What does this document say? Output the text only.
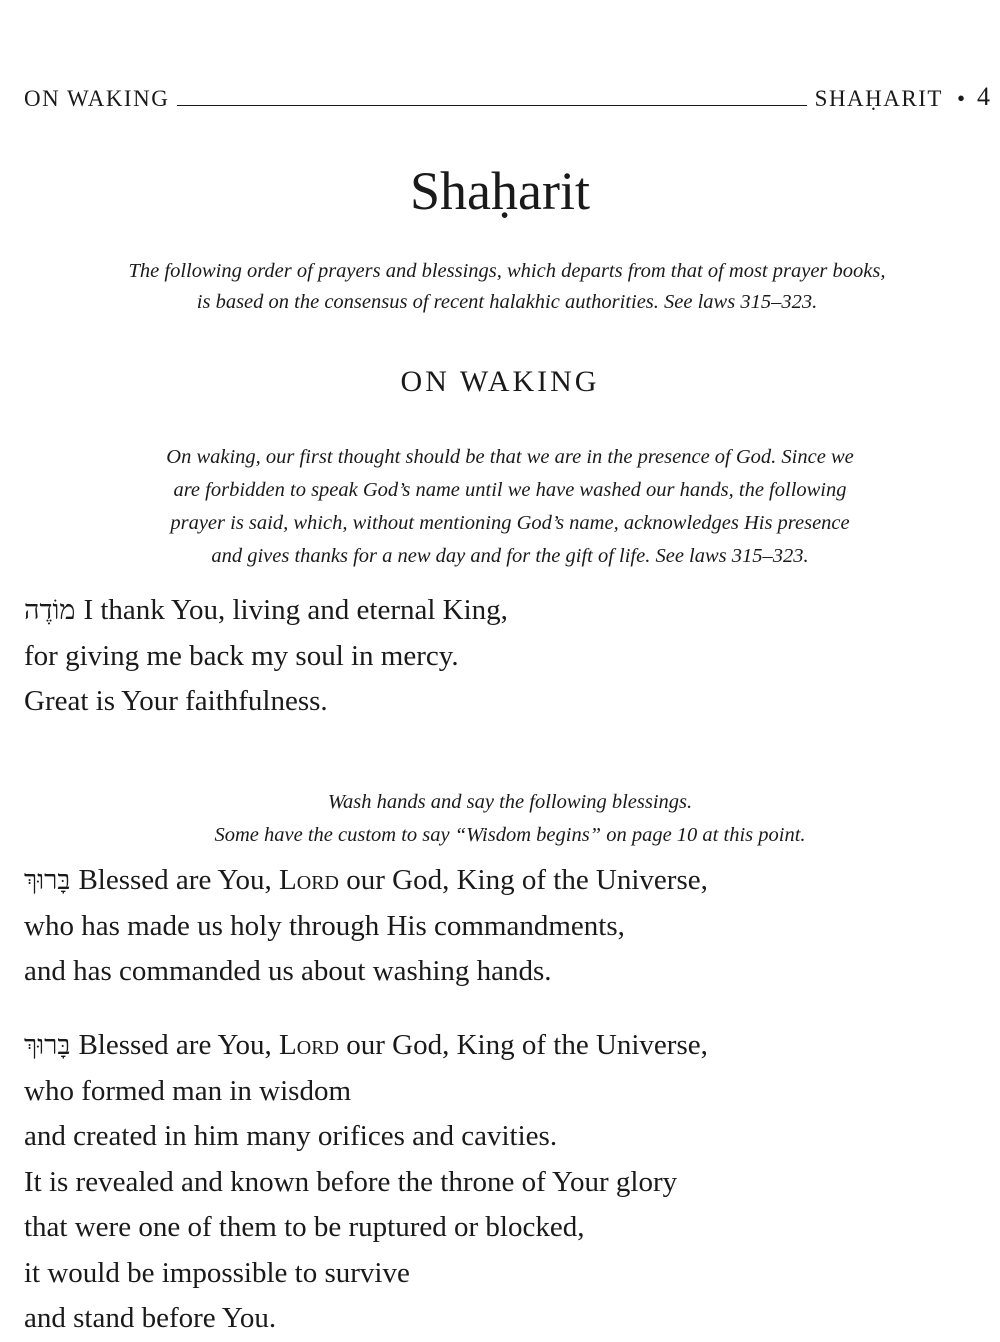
ON WAKING	SHAḤARIT • 4
Shaḥarit

The following order of prayers and blessings, which departs from that of most prayer books,
is based on the consensus of recent halakhic authorities. See laws 315–323.

ON WAKING

On waking, our first thought should be that we are in the presence of God. Since we
are forbidden to speak God’s name until we have washed our hands, the following
prayer is said, which, without mentioning God’s name, acknowledges His presence
and gives thanks for a new day and for the gift of life. See laws 315–323.

מוֹדֶה I thank You, living and eternal King,
for giving me back my soul in mercy.
Great is Your faithfulness.

Wash hands and say the following blessings.
Some have the custom to say “Wisdom begins” on page 10 at this point.

בָּרוּךְ Blessed are You, Lord our God, King of the Universe,
who has made us holy through His commandments,
and has commanded us about washing hands.

בָּרוּךְ Blessed are You, Lord our God, King of the Universe,
who formed man in wisdom
and created in him many orifices and cavities.
It is revealed and known before the throne of Your glory
that were one of them to be ruptured or blocked,
it would be impossible to survive
and stand before You.
